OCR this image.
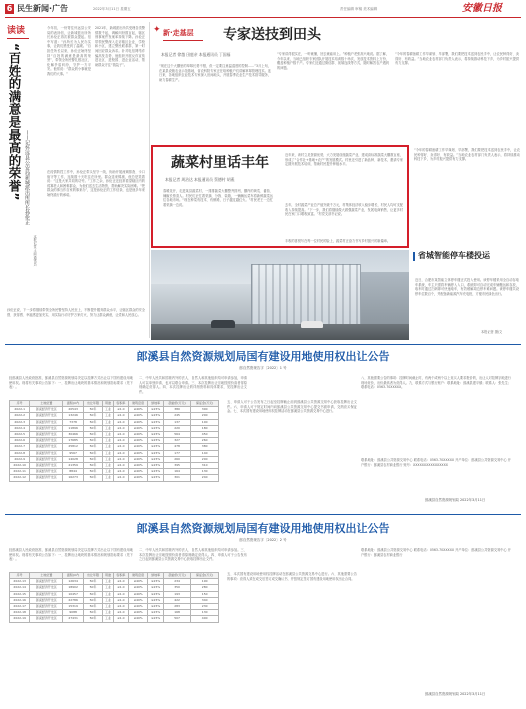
6 民生新闻·广告	2022年3月11日 星期五	责任编辑 审稿 美术编辑	安徽日报
读读
“百姓的满意是最高的荣誉” ——记怀远县公安局新城派出所所长孙伦正
本报记者 王丽 通讯员
今年初，一份寄往怀远县公安局的表扬信，让新城派出所所长孙伦正再次被群众提起。信中写道：“孙所长为人民办实事，让我们感受到了温暖。”自担任所长以来，孙伦正始终坚持“百姓的满意是最高的荣誉”，带领全所民警扎根社区，化解矛盾纠纷，守护一方平安。他常说：“群众的小事就是我们的大事。”
2021年，新城派出所共受理各类警情数千起，调解纠纷数百起，辖区刑事案件发案率持续下降。孙伦正带领民警深入走访辖区企业、学校和小区，建立警民联系群，第一时间回应群众诉求。针对电信网络诈骗高发态势，他组织开展反诈宣传进社区、进校园、进企业活动，帮助群众守住“钱袋子”。
在疫情防控工作中，孙伦正带头坚守一线，协助开展流调排查、卡口值守等工作，连续数十天吃住在所里。群众送来锦旗，他总是笑着说：“这是大家共同的功劳。”工作之余，孙伦正还经常看望辖区内的孤寡老人和困难群众，为他们送去生活物资，帮助解决实际困难。“把群众的事当作自家的事来办”，这是孙伦正的工作信条，也是他多年来始终践行的承诺。
孙伦正说，下一步将继续带领全所民警坚持人民至上，不断提升服务群众水平，让辖区群众的安全感、获得感、幸福感更加充实，用实际行动守护万家灯火，努力让群众满意，让党和人民放心。
✦ 新·走基层 专家送技到田头
本报记者 徐越 田庭亲 本报通讯员 丁国福
“现在这个大棚里的草莓长势不错，但一定要注意温湿度的控制……”3月上旬，在某县设施农业示范基地，省农科院专家正在给种植户们讲解草莓管理技术。连日来，各地组织农业技术专家深入田间地头，开展春季农业生产技术指导服务，助力春耕生产。
“专家讲得很实在，一听就懂，回去就能用上。”种植户老张高兴地说。据了解，今年以来，当地已组织专家团队开展技术培训数十场次，发放技术资料上万份，覆盖种植户数千户。专家们还通过微信群、视频连线等方式，随时解答农户遇到的问题。
“今年的春耕备耕工作早谋划、早部署，我们要把技术送到农民手中，让农民种得好、卖得好、有收益。”当地农业农村部门负责人表示，将持续推动科技下乡，为乡村振兴提供有力支撑。
蔬菜村里话丰年
本报记者 周治达 本报通讯员 蔡德村 胡燕
春暖花开，走进某县蔬菜村，一排排蔬菜大棚整齐排列，棚内的黄瓜、番茄、辣椒长势喜人。村民们正忙着采摘、分拣、装箱，一辆辆运菜车将新鲜蔬菜运往各地市场。“现在种菜有技术、有销路，日子越过越红火。”村民老王一边忙着采摘一边说。
近年来，该村立足资源优势，大力发展设施蔬菜产业，建成高标准蔬菜大棚数百座，形成了“合作社+基地+农户”的发展模式。村里还引进了新品种、新技术，邀请专家定期开展技术培训，帮助村民提升种植水平。
去年，全村蔬菜产业总产值突破千万元，村集体经济收入稳步增长，村民人均可支配收入持续提高。“下一步，我们将继续做大做强蔬菜产业，发展电商销售，让更多村民在家门口增收致富。”村党支部书记说。
丰收的喜悦写在每一位村民的脸上，蔬菜村正奋力书写乡村振兴的新篇章。
“今年的春耕备耕工作早谋划、早部署，我们要把技术送到农民手中，让农民种得好、卖得好、有收益。”当地农业农村部门负责人表示，将持续推动科技下乡，为乡村振兴提供有力支撑。
省城智能停车楼投运
近日，合肥市某智能立体停车楼正式投入使用。该停车楼采用全自动存取车系统，车主只需将车辆停入入口，系统即可自动完成车辆搬运和存放，取车时通过扫码即可快速取车，有效缓解周边停车难问题。该停车楼共设停车位数百个，并配备新能源汽车充电桩，方便市民绿色出行。
本报记者 摄/文
郎溪县自然资源规划局国有建设用地使用权出让公告
郎自然资规告字〔2022〕1 号
经郎溪县人民政府批准，郎溪县自然资源规划局决定以挂牌方式出让以下国有建设用地使用权。现将有关事项公告如下：一、挂牌出让地块的基本情况和规划指标要求（见下表）。
序号	土地位置	面积(m²)	出让年限	用途	容积率	建筑密度	绿地率	起始价(万元)	保证金(万元)
2022-1	郎溪经济开发区	20543	50年	工业	≥1.0	≥40%	≤15%	380	300
2022-2	郎溪经济开发区	13246	50年	工业	≥1.0	≥40%	≤15%	245	200
2022-3	郎溪经济开发区	7378	50年	工业	≥1.0	≥40%	≤15%	137	100
2022-4	郎溪经济开发区	11896	50年	工业	≥1.0	≥40%	≤15%	220	180
2022-5	郎溪经济开发区	30466	50年	工业	≥1.0	≥40%	≤15%	564	450
2022-6	郎溪经济开发区	17685	50年	工业	≥1.0	≥40%	≤15%	327	260
2022-7	郎溪经济开发区	25812	50年	工业	≥1.0	≥40%	≤15%	478	380
2022-8	郎溪经济开发区	9567	50年	工业	≥1.0	≥40%	≤15%	177	140
2022-9	郎溪经济开发区	14028	50年	工业	≥1.0	≥40%	≤15%	260	200
2022-10	郎溪经济开发区	21359	50年	工业	≥1.0	≥40%	≤15%	395	310
2022-11	郎溪经济开发区	8844	50年	工业	≥1.0	≥40%	≤15%	164	130
2022-12	郎溪经济开发区	16273	50年	工业	≥1.0	≥40%	≤15%	301	240
二、中华人民共和国境内外的法人、自然人和其他组织均可申请参加，申请人可以单独申请，也可以联合申请。三、本次挂牌出让宗地按照价高者得原则确定竞得人。四、本次挂牌出让的详细资料和具体要求，见挂牌出让文件。
五、申请人可于公告发布之日起至挂牌截止前到郎溪县公共资源交易中心获取挂牌出让文件。六、申请人可于规定时间内向郎溪县公共资源交易中心提交书面申请，交纳竞买保证金。七、本次国有建设用地使用权挂牌活动在郎溪县公共资源交易中心进行。
八、其他需要公告的事项：挂牌时间截止时，有两个或两个以上竞买人要求报价的，出让人对挂牌宗地进行现场竞价，出价最高者为竞得人。九、联系方式与银行账户：联系地址：郎溪县建平镇；联系人：张先生；联系电话：0563-70XXXXX。
联系地址：郎溪县公共资源交易中心 联系电话：0563-70XXXXX 开户单位：郎溪县公共资源交易中心 开户银行：郎溪县农村商业银行 账号：XXXXXXXXXXXXXXXX
郎溪县自然资源规划局 2022年3月11日
郎溪县自然资源规划局国有建设用地使用权出让公告
郎自然资规告字〔2022〕2 号
经郎溪县人民政府批准，郎溪县自然资源规划局决定以挂牌方式出让以下国有建设用地使用权。现将有关事项公告如下：一、挂牌出让地块的基本情况和规划指标要求（见下表）。
序号	土地位置	面积(m²)	出让年限	用途	容积率	建筑密度	绿地率	起始价(万元)	保证金(万元)
2022-13	郎溪经济开发区	12634	50年	工业	≥1.0	≥40%	≤15%	234	190
2022-14	郎溪经济开发区	18902	50年	工业	≥1.0	≥40%	≤15%	350	280
2022-15	郎溪经济开发区	10457	50年	工业	≥1.0	≥40%	≤15%	193	150
2022-16	郎溪经济开发区	22786	50年	工业	≥1.0	≥40%	≤15%	422	340
2022-17	郎溪经济开发区	15319	50年	工业	≥1.0	≥40%	≤15%	283	230
2022-18	郎溪经济开发区	9088	50年	工业	≥1.0	≥40%	≤15%	168	130
2022-19	郎溪经济开发区	27431	50年	工业	≥1.0	≥40%	≤15%	507	400
二、中华人民共和国境内外的法人、自然人和其他组织均可申请参加。三、本次挂牌出让宗地按照价高者得原则确定竞得人。四、申请人可于公告发布之日起到郎溪县公共资源交易中心获取挂牌出让文件。
五、本次国有建设用地使用权挂牌活动在郎溪县公共资源交易中心进行。六、其他需要公告的事项：竞得人须在成交后签订成交确认书，并按规定签订国有建设用地使用权出让合同。
联系地址：郎溪县公共资源交易中心 联系电话：0563-70XXXXX 开户单位：郎溪县公共资源交易中心 开户银行：郎溪县农村商业银行
郎溪县自然资源规划局 2022年3月11日
